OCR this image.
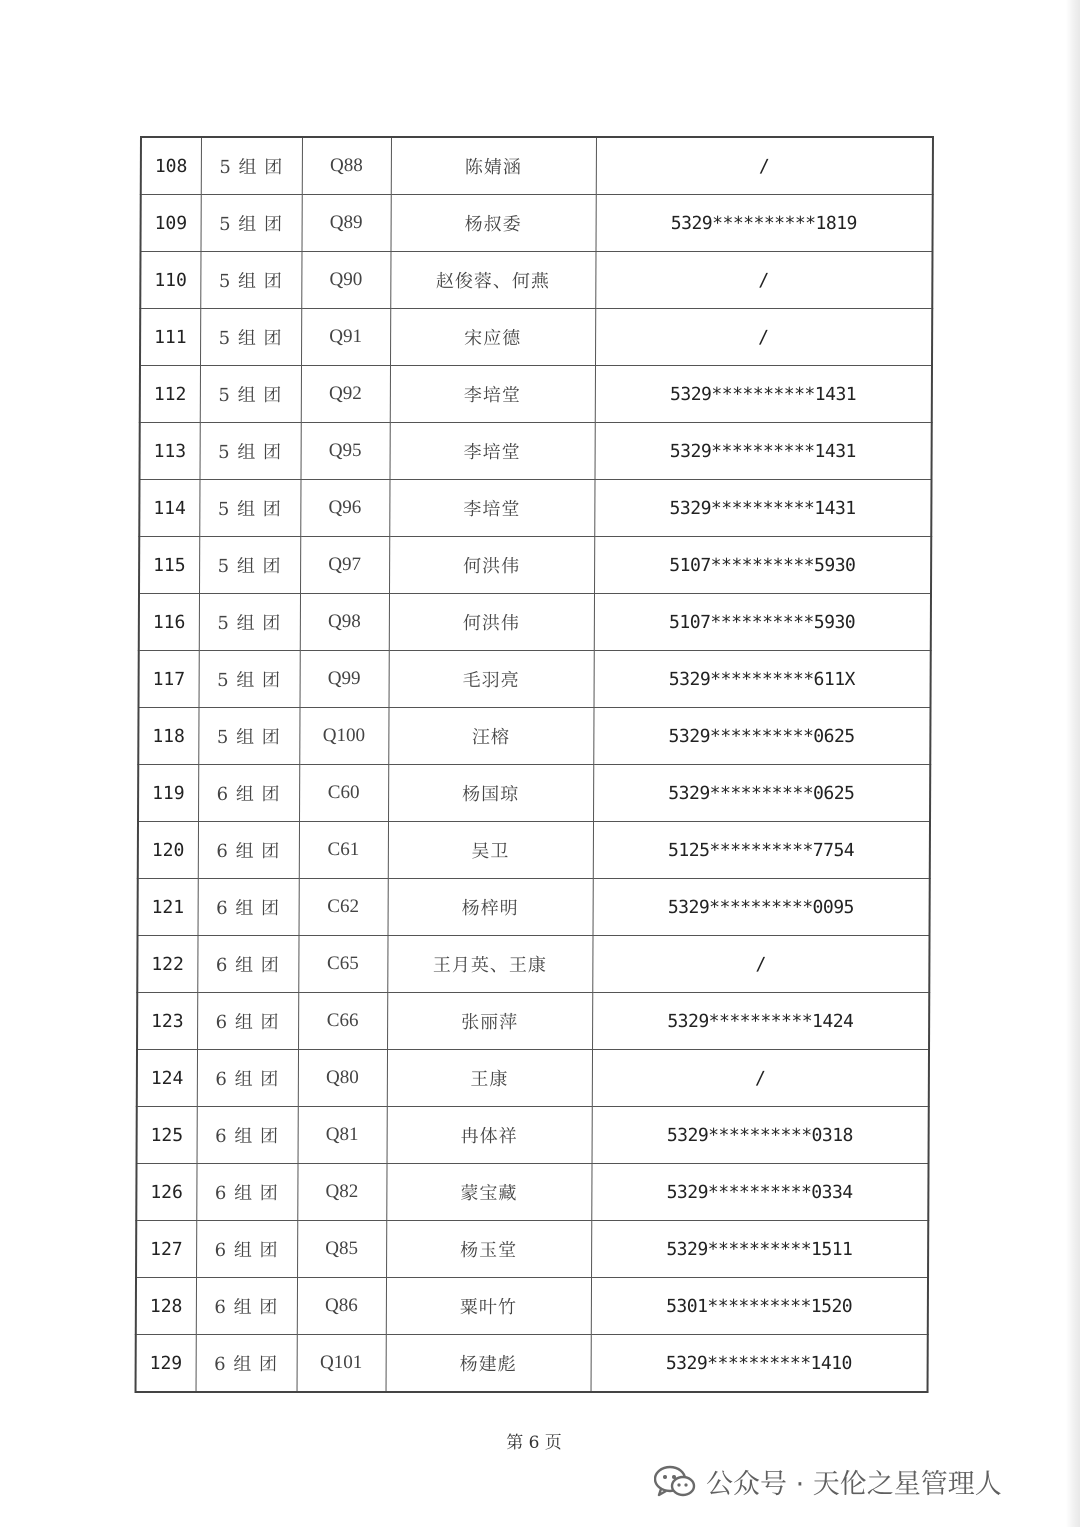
108	5 组 团	Q88	陈婧涵	/
109	5 组 团	Q89	杨叔委	5329**********1819
110	5 组 团	Q90	赵俊蓉、何燕	/
111	5 组 团	Q91	宋应德	/
112	5 组 团	Q92	李培堂	5329**********1431
113	5 组 团	Q95	李培堂	5329**********1431
114	5 组 团	Q96	李培堂	5329**********1431
115	5 组 团	Q97	何洪伟	5107**********5930
116	5 组 团	Q98	何洪伟	5107**********5930
117	5 组 团	Q99	毛羽亮	5329**********611X
118	5 组 团	Q100	汪榕	5329**********0625
119	6 组 团	C60	杨国琼	5329**********0625
120	6 组 团	C61	吴卫	5125**********7754
121	6 组 团	C62	杨梓明	5329**********0095
122	6 组 团	C65	王月英、王康	/
123	6 组 团	C66	张丽萍	5329**********1424
124	6 组 团	Q80	王康	/
125	6 组 团	Q81	冉体祥	5329**********0318
126	6 组 团	Q82	蒙宝藏	5329**********0334
127	6 组 团	Q85	杨玉堂	5329**********1511
128	6 组 团	Q86	粟叶竹	5301**********1520
129	6 组 团	Q101	杨建彪	5329**********1410
第 6 页
公众号 · 天伦之星管理人
